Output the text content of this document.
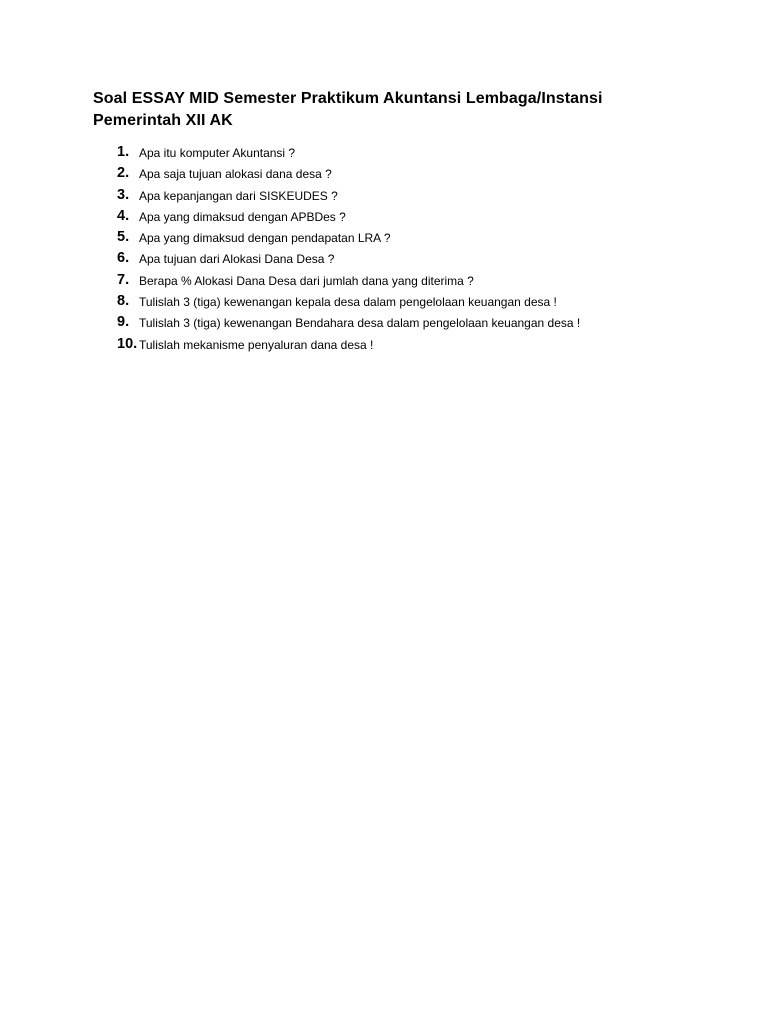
Soal ESSAY MID Semester Praktikum Akuntansi Lembaga/Instansi Pemerintah XII AK
1. Apa itu komputer Akuntansi ?
2. Apa saja tujuan alokasi dana desa ?
3. Apa kepanjangan dari SISKEUDES ?
4. Apa yang dimaksud dengan APBDes ?
5. Apa yang dimaksud dengan pendapatan LRA ?
6. Apa tujuan dari Alokasi Dana Desa ?
7. Berapa % Alokasi Dana Desa dari jumlah dana yang diterima ?
8. Tulislah 3 (tiga) kewenangan kepala desa dalam pengelolaan keuangan desa !
9. Tulislah 3 (tiga) kewenangan Bendahara desa dalam pengelolaan keuangan desa !
10. Tulislah mekanisme penyaluran dana desa !
